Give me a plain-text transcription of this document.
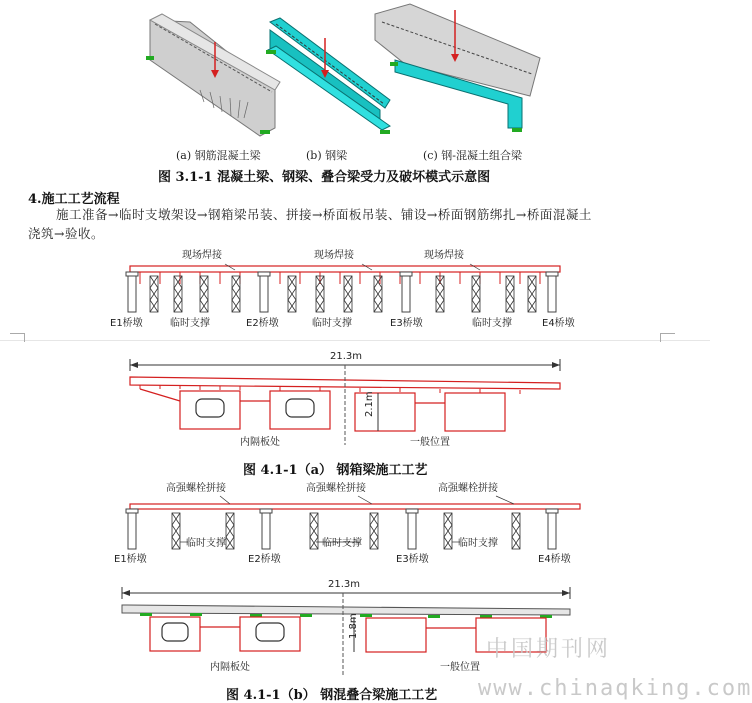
(a) 钢筋混凝土梁	(b) 钢梁	(c) 钢-混凝土组合梁
图 3.1-1 混凝土梁、钢梁、叠合梁受力及破坏模式示意图
4.施工工艺流程
施工准备→临时支墩架设→钢箱梁吊装、拼接→桥面板吊装、铺设→桥面钢筋绑扎→桥面混凝土
浇筑→验收。
现场焊接	现场焊接	现场焊接
E1桥墩	临时支撑	E2桥墩	临时支撑	E3桥墩	临时支撑	E4桥墩
21.3m
2.1m
内隔板处	一般位置
图 4.1-1（a） 钢箱梁施工工艺
高强螺栓拼接	高强螺栓拼接	高强螺栓拼接
临时支撑	临时支撑	临时支撑
E1桥墩	E2桥墩	E3桥墩	E4桥墩
21.3m
1.8m
内隔板处	一般位置
图 4.1-1（b） 钢混叠合梁施工工艺
中国期刊网
www.chinaqking.com
